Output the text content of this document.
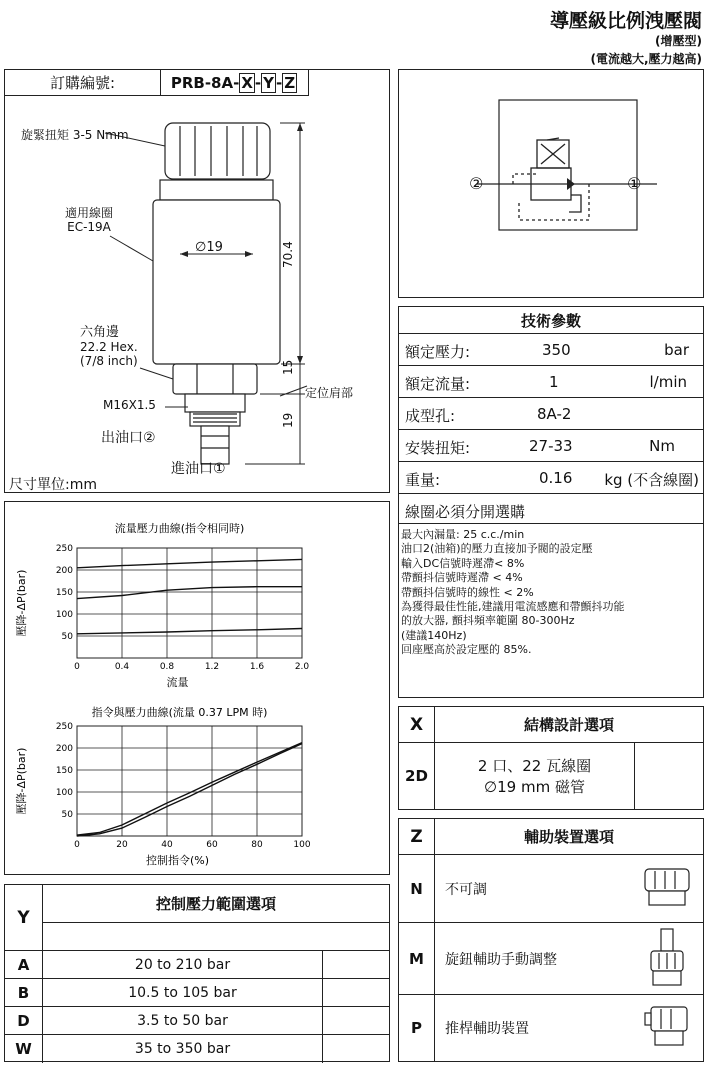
導壓級比例洩壓閥
(增壓型)
(電流越大,壓力越高)
訂購編號:	PRB-8A- X - Y - Z
旋緊扭矩 3-5 Nmm
適用線圈
EC-19A
∅19	70.4
15
19
六角邊
22.2 Hex.
(7/8 inch)
M16X1.5
定位肩部
出油口②
進油口①
尺寸單位:mm
②	①
技術參數
額定壓力:	350	bar
額定流量:	1	l/min
成型孔:	8A-2
安裝扭矩:	27-33	Nm
重量:	0.16 kg (不含線圈)
線圈必須分開選購
最大內漏量: 25 c.c./min
油口2(油箱)的壓力直接加予閥的設定壓
輸入DC信號時遲滯< 8%
帶顫抖信號時遲滯 < 4%
帶顫抖信號時的線性 < 2%
為獲得最佳性能,建議用電流感應和帶顫抖功能
的放大器, 顫抖頻率範圍 80-300Hz
(建議140Hz)
回座壓高於設定壓的 85%.
流量壓力曲線(指令相同時)
0	0.4	0.8	1.2	1.6	2.0
50
100
150
200
250
流量
壓降-ΔP(bar)
指令與壓力曲線(流量 0.37 LPM 時)
0	20	40	60	80	100
50
100
150
200
250
控制指令(%)
壓降-ΔP(bar)
Y
控制壓力範圍選項
A	20 to 210 bar
B	10.5 to 105 bar
D	3.5 to 50 bar
W	35 to 350 bar
X	結構設計選項
2D
2 口、22 瓦線圈
∅19 mm 磁管
Z	輔助裝置選項
N	不可調
M	旋鈕輔助手動調整
P	推桿輔助裝置
